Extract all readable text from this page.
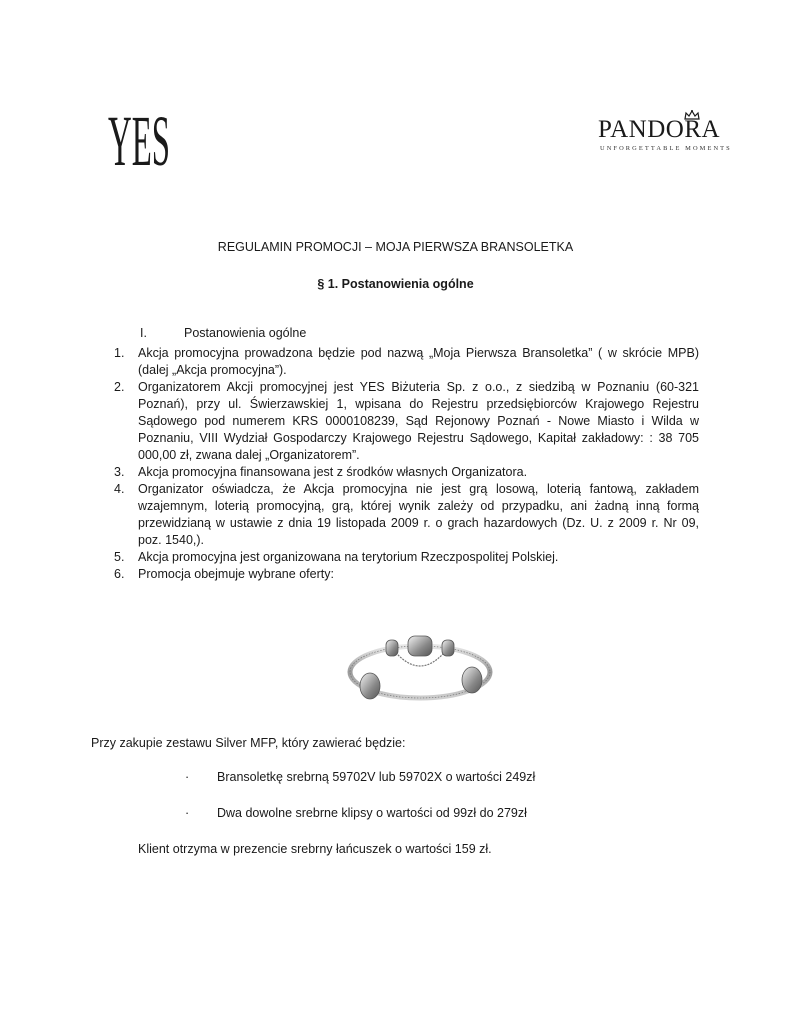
YES	PANDORA
UNFORGETTABLE MOMENTS
REGULAMIN PROMOCJI – MOJA PIERWSZA BRANSOLETKA
§ 1. Postanowienia ogólne
I.	Postanowienia ogólne
1. Akcja promocyjna prowadzona będzie pod nazwą „Moja Pierwsza Bransoletka” ( w skrócie MPB) (dalej „Akcja promocyjna”).
2. Organizatorem Akcji promocyjnej jest YES Biżuteria Sp. z o.o., z siedzibą w Poznaniu (60-321 Poznań), przy ul. Świerzawskiej 1, wpisana do Rejestru przedsiębiorców Krajowego Rejestru Sądowego pod numerem KRS 0000108239, Sąd Rejonowy Poznań - Nowe Miasto i Wilda w Poznaniu, VIII Wydział Gospodarczy Krajowego Rejestru Sądowego, Kapitał zakładowy: : 38 705 000,00 zł, zwana dalej „Organizatorem”.
3. Akcja promocyjna finansowana jest z środków własnych Organizatora.
4. Organizator oświadcza, że Akcja promocyjna nie jest grą losową, loterią fantową, zakładem wzajemnym, loterią promocyjną, grą, której wynik zależy od przypadku, ani żadną inną formą przewidzianą w ustawie z dnia 19 listopada 2009 r. o grach hazardowych (Dz. U. z 2009 r. Nr 09, poz. 1540,).
5. Akcja promocyjna jest organizowana na terytorium Rzeczpospolitej Polskiej.
6. Promocja obejmuje wybrane oferty:
Przy zakupie zestawu Silver MFP, który zawierać będzie:
· Bransoletkę srebrną 59702V lub 59702X o wartości 249zł
· Dwa dowolne srebrne klipsy o wartości od 99zł do 279zł
Klient otrzyma w prezencie srebrny łańcuszek o wartości 159 zł.
